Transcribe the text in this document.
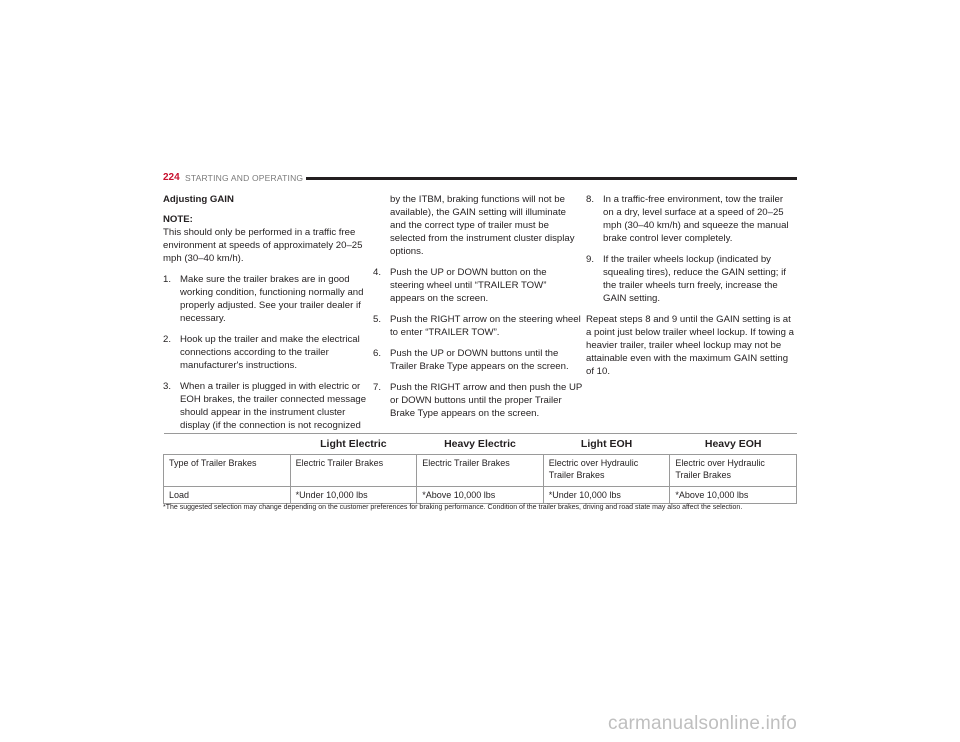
224 STARTING AND OPERATING
Adjusting GAIN
NOTE:
This should only be performed in a traffic free environment at speeds of approximately 20–25 mph (30–40 km/h).
1. Make sure the trailer brakes are in good working condition, functioning normally and properly adjusted. See your trailer dealer if necessary.
2. Hook up the trailer and make the electrical connections according to the trailer manufacturer's instructions.
3. When a trailer is plugged in with electric or EOH brakes, the trailer connected message should appear in the instrument cluster display (if the connection is not recognized
by the ITBM, braking functions will not be available), the GAIN setting will illuminate and the correct type of trailer must be selected from the instrument cluster display options.
4. Push the UP or DOWN button on the steering wheel until “TRAILER TOW” appears on the screen.
5. Push the RIGHT arrow on the steering wheel to enter “TRAILER TOW”.
6. Push the UP or DOWN buttons until the Trailer Brake Type appears on the screen.
7. Push the RIGHT arrow and then push the UP or DOWN buttons until the proper Trailer Brake Type appears on the screen.
8. In a traffic-free environment, tow the trailer on a dry, level surface at a speed of 20–25 mph (30–40 km/h) and squeeze the manual brake control lever completely.
9. If the trailer wheels lockup (indicated by squealing tires), reduce the GAIN setting; if the trailer wheels turn freely, increase the GAIN setting.
Repeat steps 8 and 9 until the GAIN setting is at a point just below trailer wheel lockup. If towing a heavier trailer, trailer wheel lockup may not be attainable even with the maximum GAIN setting of 10.
	Light Electric	Heavy Electric	Light EOH	Heavy EOH
Type of Trailer Brakes	Electric Trailer Brakes	Electric Trailer Brakes	Electric over Hydraulic Trailer Brakes	Electric over Hydraulic Trailer Brakes
Load	*Under 10,000 lbs	*Above 10,000 lbs	*Under 10,000 lbs	*Above 10,000 lbs
*The suggested selection may change depending on the customer preferences for braking performance. Condition of the trailer brakes, driving and road state may also affect the selection.
carmanualsonline.info
